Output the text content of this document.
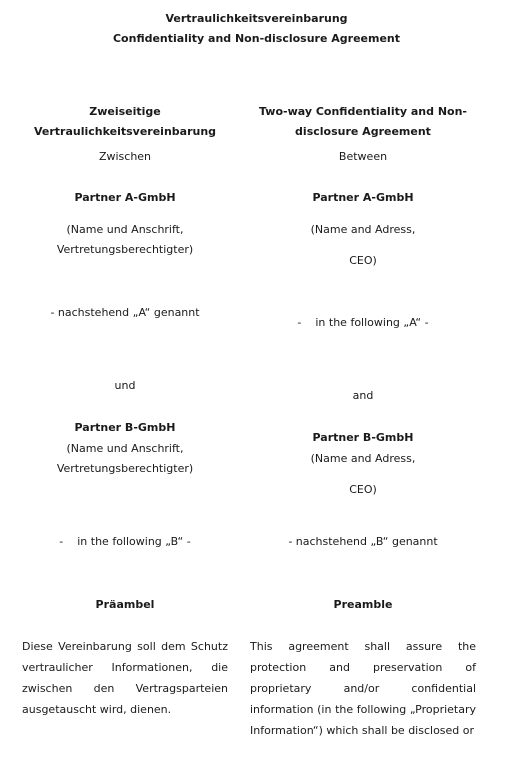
Vertraulichkeitsvereinbarung
Confidentiality and Non-disclosure Agreement
Zweiseitige
Vertraulichkeitsvereinbarung
Zwischen
Partner A-GmbH
(Name und Anschrift,
Vertretungsberechtigter)
- nachstehend „A“ genannt
und
Partner B-GmbH
(Name und Anschrift,
Vertretungsberechtigter)
-    in the following „B“ -
Präambel
Diese Vereinbarung soll dem Schutz vertraulicher Informationen, die zwischen den Vertragsparteien ausgetauscht wird, dienen.
Two-way Confidentiality and Non-
disclosure Agreement
Between
Partner A-GmbH
(Name and Adress,
CEO)
-    in the following „A“ -
and
Partner B-GmbH
(Name and Adress,
CEO)
- nachstehend „B“ genannt
Preamble
This agreement shall assure the protection and preservation of proprietary and/or confidential information (in the following „Proprietary Information“) which shall be disclosed or
